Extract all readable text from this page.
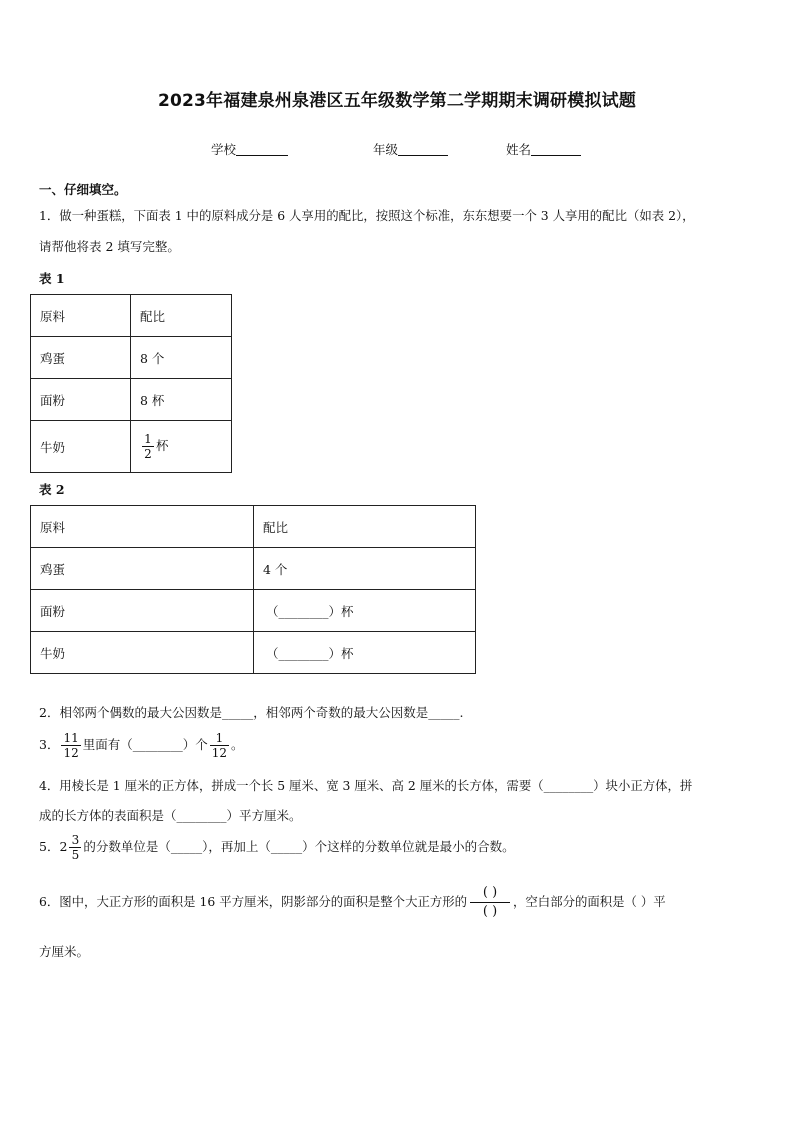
2023年福建泉州泉港区五年级数学第二学期期末调研模拟试题
学校	年级	姓名
一、仔细填空。
1．做一种蛋糕，下面表 1 中的原料成分是 6 人享用的配比，按照这个标准，东东想要一个 3 人享用的配比（如表 2），
请帮他将表 2 填写完整。
表 1
原料	配比
鸡蛋	8 个
面粉	8 杯
牛奶	$\frac{1}{2}$ 杯
表 2
原料	配比
鸡蛋	4 个
面粉	（________）杯
牛奶	（________）杯
2．相邻两个偶数的最大公因数是_____，相邻两个奇数的最大公因数是_____.
3． $\frac{11}{12}$ 里面有（________）个 $\frac{1}{12}$ 。
4．用棱长是 1 厘米的正方体，拼成一个长 5 厘米、宽 3 厘米、高 2 厘米的长方体，需要（________）块小正方体，拼
成的长方体的表面积是（________）平方厘米。
5．$2 \frac{3}{5}$ 的分数单位是（_____），再加上（_____）个这样的分数单位就是最小的合数。
6．图中，大正方形的面积是 16 平方厘米，阴影部分的面积是整个大正方形的 $\frac{( )}{( )}$ ，空白部分的面积是（ ）平
方厘米。
